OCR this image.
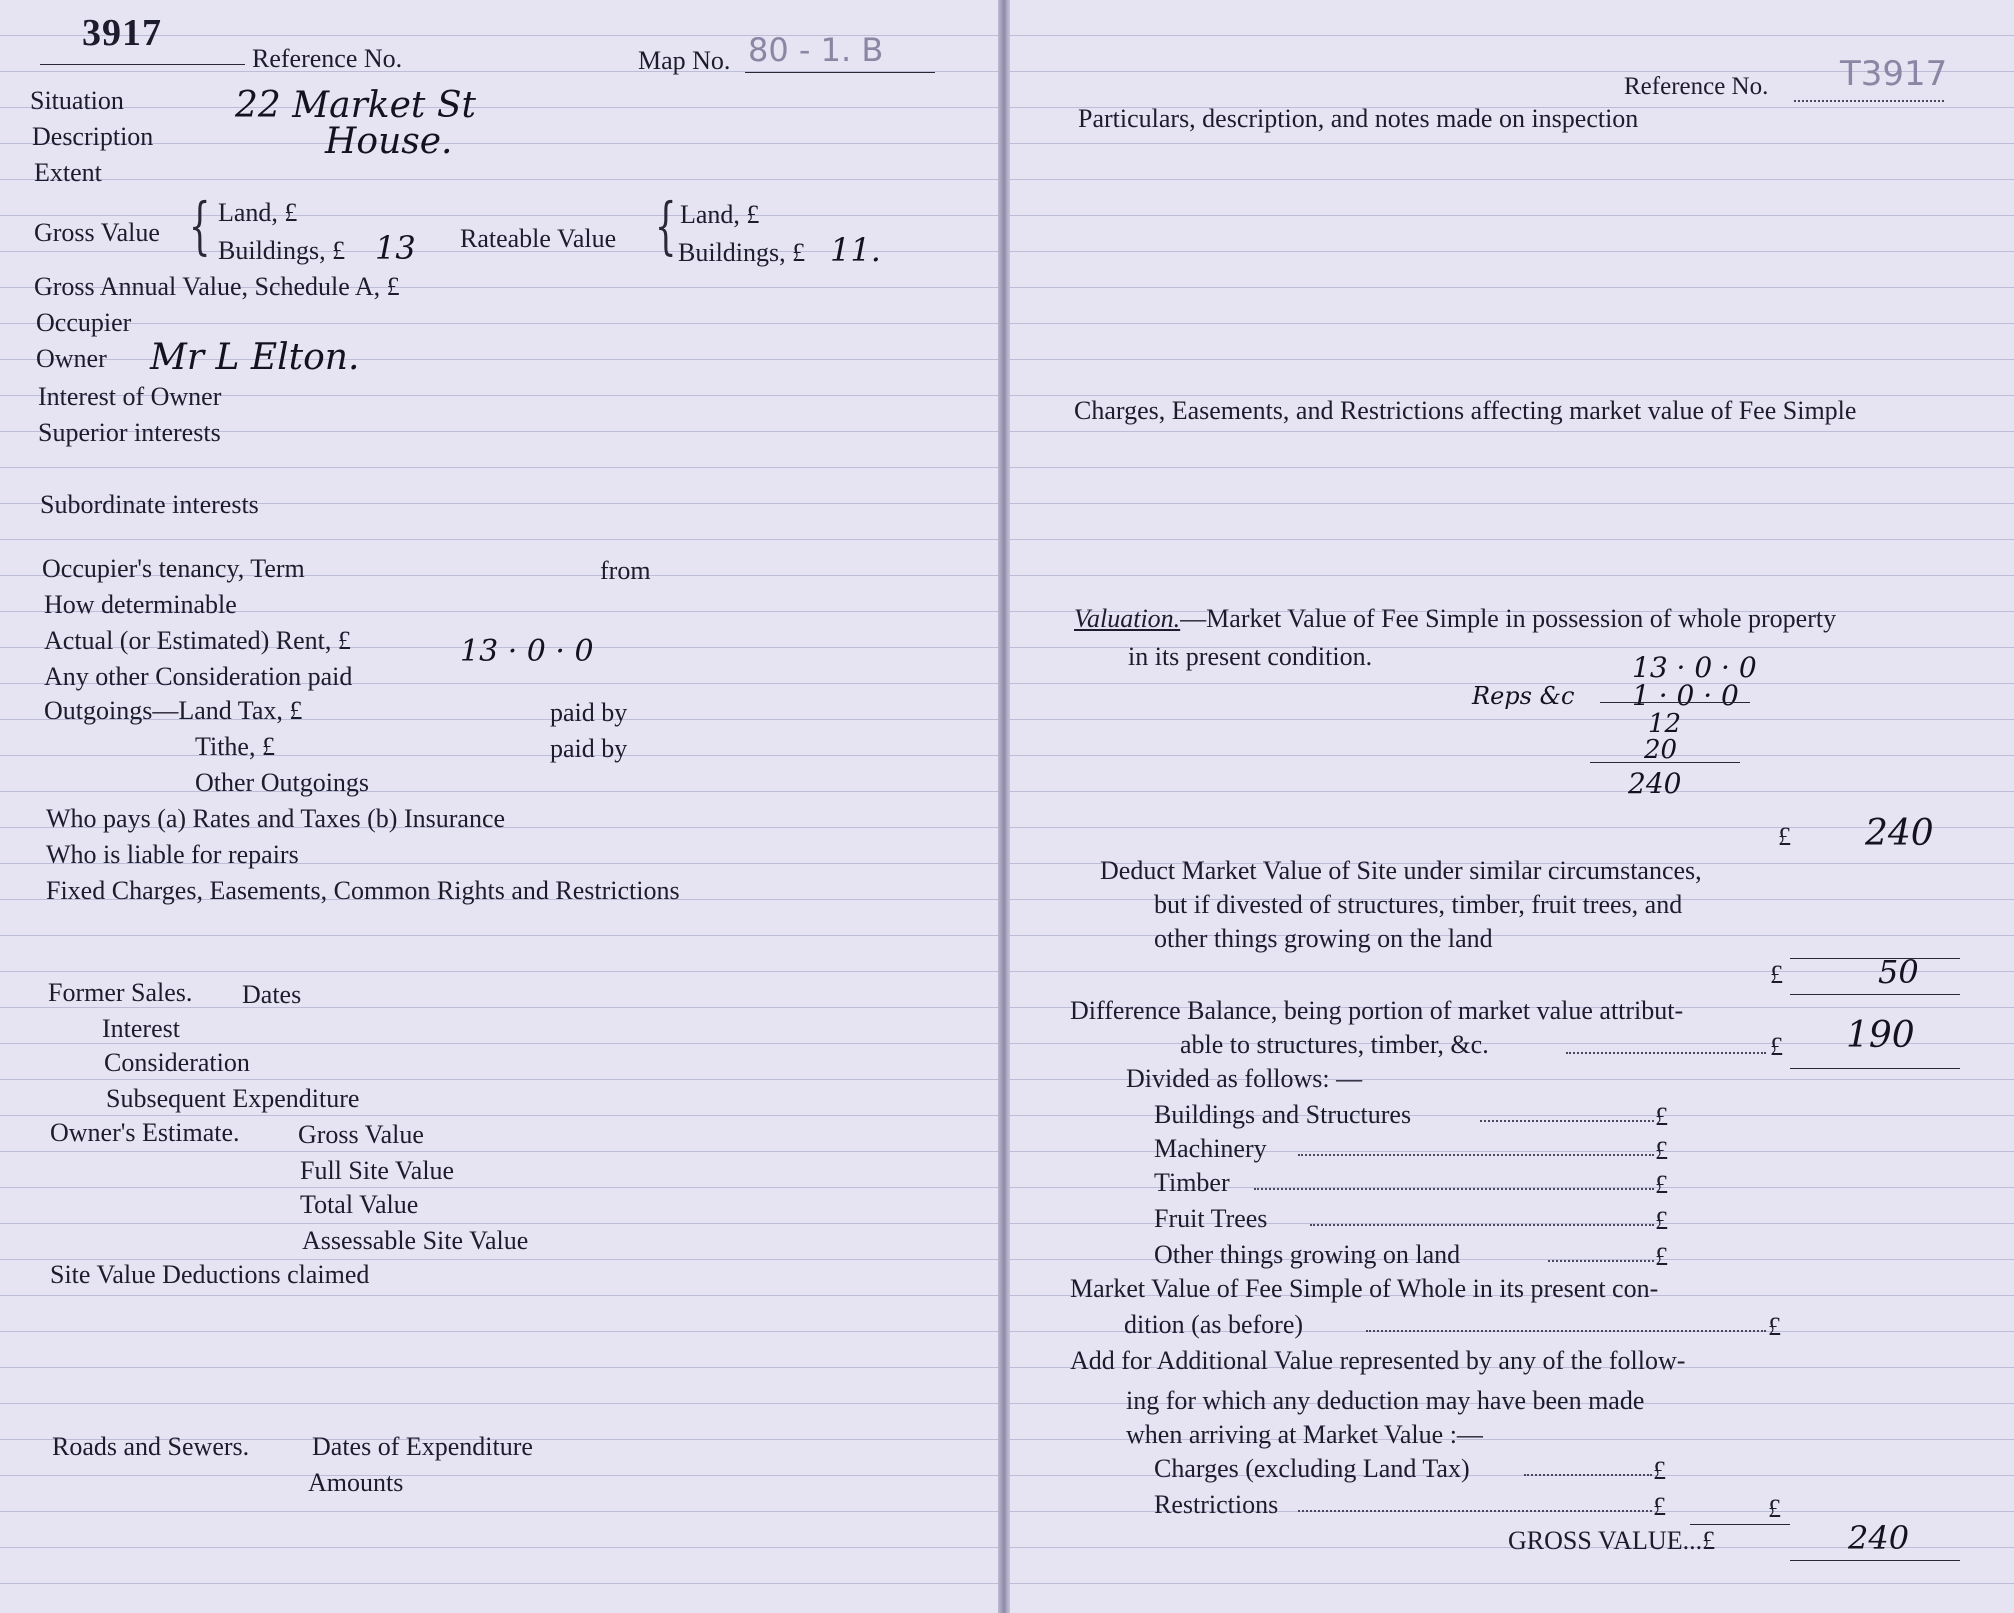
3917
Reference No.	Map No. 80 - 1. B
Situation	22 Market St
Description	House.
Extent
Gross Value { Land, £
Buildings, £ 13 Rateable Value { Land, £
Buildings, £ 11.
Gross Annual Value, Schedule A, £
Occupier
Owner Mr L Elton.
Interest of Owner
Superior interests
Subordinate interests
Occupier's tenancy, Term	from
How determinable
Actual (or Estimated) Rent, £	13 · 0 · 0
Any other Consideration paid
Outgoings—Land Tax, £	paid by
Tithe, £	paid by
Other Outgoings
Who pays (a) Rates and Taxes (b) Insurance
Who is liable for repairs
Fixed Charges, Easements, Common Rights and Restrictions
Former Sales. Dates
Interest
Consideration
Subsequent Expenditure
Owner's Estimate. Gross Value
Full Site Value
Total Value
Assessable Site Value
Site Value Deductions claimed
Roads and Sewers. Dates of Expenditure
Amounts
Reference No. T3917
Particulars, description, and notes made on inspection
Charges, Easements, and Restrictions affecting market value of Fee Simple
Valuation.—Market Value of Fee Simple in possession of whole property
in its present condition.	13 · 0 · 0
Reps &c 1 · 0 · 0
12
20
240
£ 240
Deduct Market Value of Site under similar circumstances,
but if divested of structures, timber, fruit trees, and
other things growing on the land
£	50
Difference Balance, being portion of market value attribut-
able to structures, timber, &c.	£ 190
Divided as follows: —
Buildings and Structures	£
Machinery	£
Timber	£
Fruit Trees	£
Other things growing on land	£
Market Value of Fee Simple of Whole in its present con-
dition (as before)	£
Add for Additional Value represented by any of the follow-
ing for which any deduction may have been made
when arriving at Market Value :—
Charges (excluding Land Tax)	£
Restrictions	£	£
GROSS VALUE...£	240
